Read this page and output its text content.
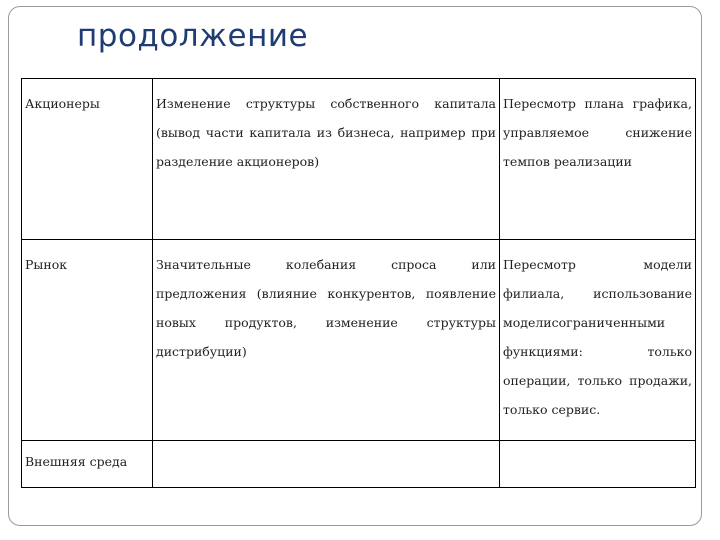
продолжение
Акционеры	Изменение структуры собственного капитала (вывод части капитала из бизнеса, например при разделение акционеров)	Пересмотр плана графика, управляемое снижение темпов реализации
Рынок	Значительные колебания спроса или предложения (влияние конкурентов, появление новых продуктов, изменение структуры дистрибуции)	Пересмотр модели филиала, использование моделисограниченными функциями: только операции, только продажи, только сервис.
Внешняя среда		
